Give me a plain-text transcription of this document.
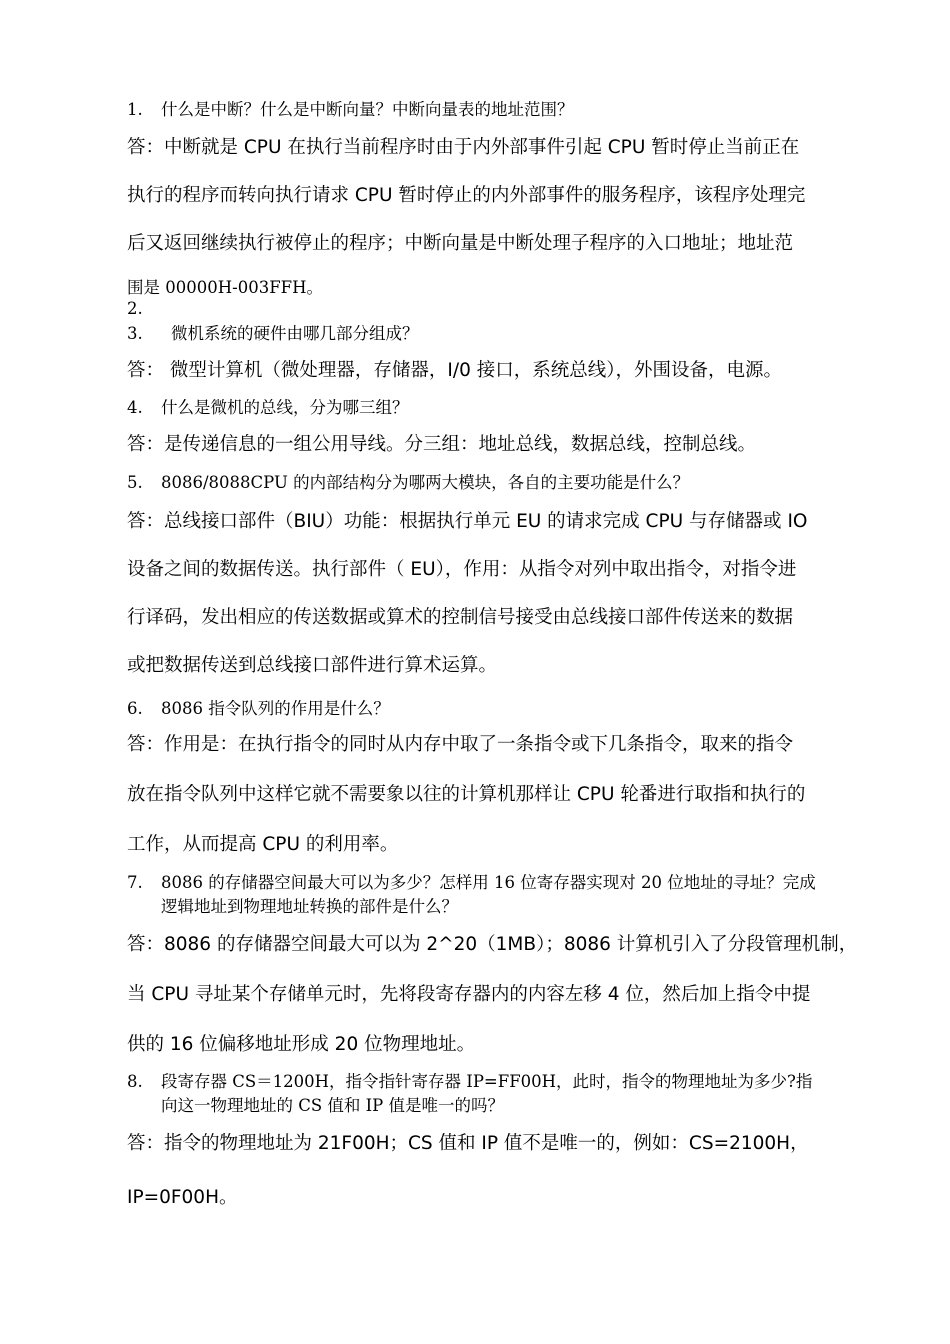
1.	什么是中断？什么是中断向量？中断向量表的地址范围？
答：中断就是 CPU 在执行当前程序时由于内外部事件引起 CPU 暂时停止当前正在
执行的程序而转向执行请求 CPU 暂时停止的内外部事件的服务程序，该程序处理完
后又返回继续执行被停止的程序；中断向量是中断处理子程序的入口地址；地址范
围是 00000H-003FFH。
2.
3.	微机系统的硬件由哪几部分组成？
答： 微型计算机（微处理器，存储器，I/0 接口，系统总线），外围设备，电源。
4.	什么是微机的总线，分为哪三组？
答：是传递信息的一组公用导线。分三组：地址总线，数据总线，控制总线。
5.	8086/8088CPU 的内部结构分为哪两大模块，各自的主要功能是什么？
答：总线接口部件（BIU）功能：根据执行单元 EU 的请求完成 CPU 与存储器或 IO
设备之间的数据传送。执行部件（ EU），作用：从指令对列中取出指令，对指令进
行译码，发出相应的传送数据或算术的控制信号接受由总线接口部件传送来的数据
或把数据传送到总线接口部件进行算术运算。
6.	8086 指令队列的作用是什么？
答：作用是：在执行指令的同时从内存中取了一条指令或下几条指令，取来的指令
放在指令队列中这样它就不需要象以往的计算机那样让 CPU 轮番进行取指和执行的
工作，从而提高 CPU 的利用率。
7.	8086 的存储器空间最大可以为多少？怎样用 16 位寄存器实现对 20 位地址的寻址？完成逻辑地址到物理地址转换的部件是什么？
答：8086 的存储器空间最大可以为 2^20（1MB）；8086 计算机引入了分段管理机制，
当 CPU 寻址某个存储单元时，先将段寄存器内的内容左移 4 位，然后加上指令中提
供的 16 位偏移地址形成 20 位物理地址。
8.	段寄存器 CS＝1200H，指令指针寄存器 IP=FF00H，此时，指令的物理地址为多少?指向这一物理地址的 CS 值和 IP 值是唯一的吗？
答：指令的物理地址为 21F00H；CS 值和 IP 值不是唯一的，例如：CS=2100H，
IP=0F00H。
